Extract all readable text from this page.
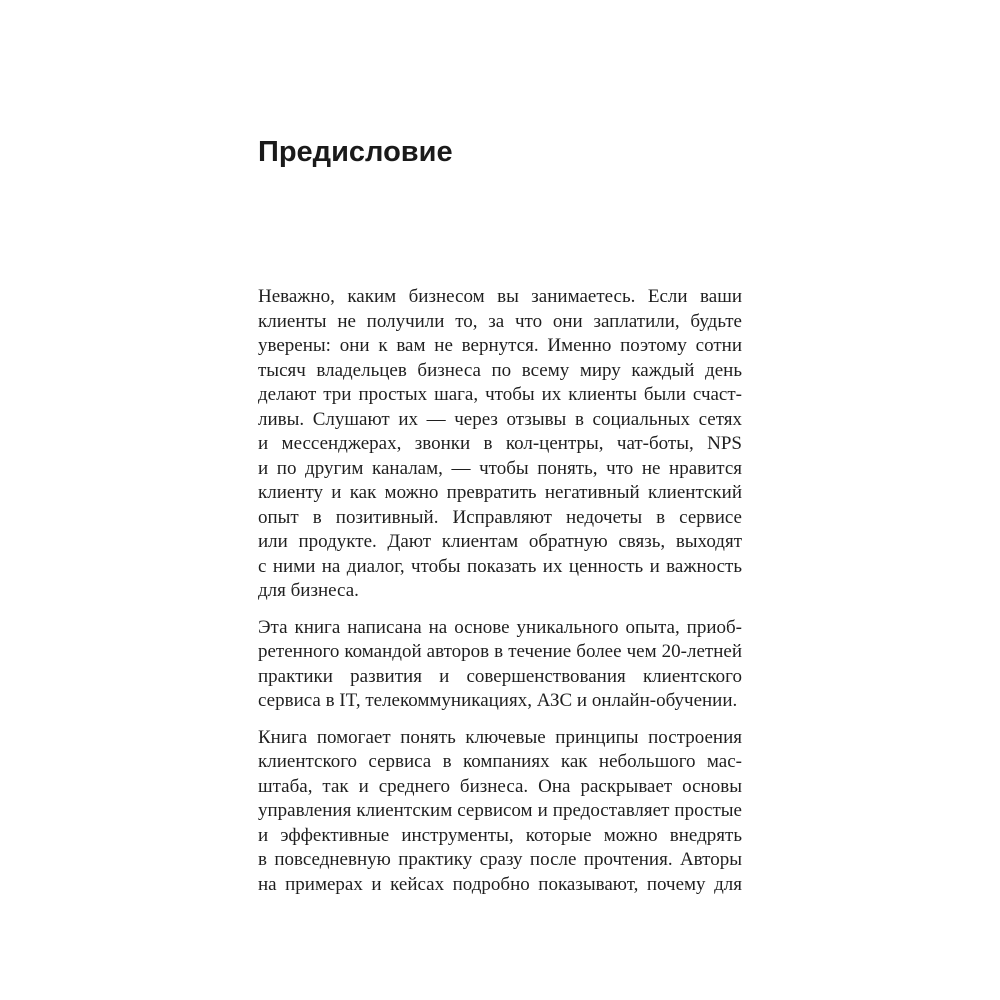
Предисловие

Неважно, каким бизнесом вы занимаетесь. Если ваши
клиенты не получили то, за что они заплатили, будьте
уверены: они к вам не вернутся. Именно поэтому сотни
тысяч владельцев бизнеса по всему миру каждый день
делают три простых шага, чтобы их клиенты были счаст-
ливы. Слушают их — через отзывы в социальных сетях
и мессенджерах, звонки в кол-центры, чат-боты, NPS
и по другим каналам, — чтобы понять, что не нравится
клиенту и как можно превратить негативный клиентский
опыт в позитивный. Исправляют недочеты в сервисе
или продукте. Дают клиентам обратную связь, выходят
с ними на диалог, чтобы показать их ценность и важность
для бизнеса.

Эта книга написана на основе уникального опыта, приоб-
ретенного командой авторов в течение более чем 20-летней
практики развития и совершенствования клиентского
сервиса в IT, телекоммуникациях, АЗС и онлайн-обучении.

Книга помогает понять ключевые принципы построения
клиентского сервиса в компаниях как небольшого мас-
штаба, так и среднего бизнеса. Она раскрывает основы
управления клиентским сервисом и предоставляет простые
и эффективные инструменты, которые можно внедрять
в повседневную практику сразу после прочтения. Авторы
на примерах и кейсах подробно показывают, почему для
